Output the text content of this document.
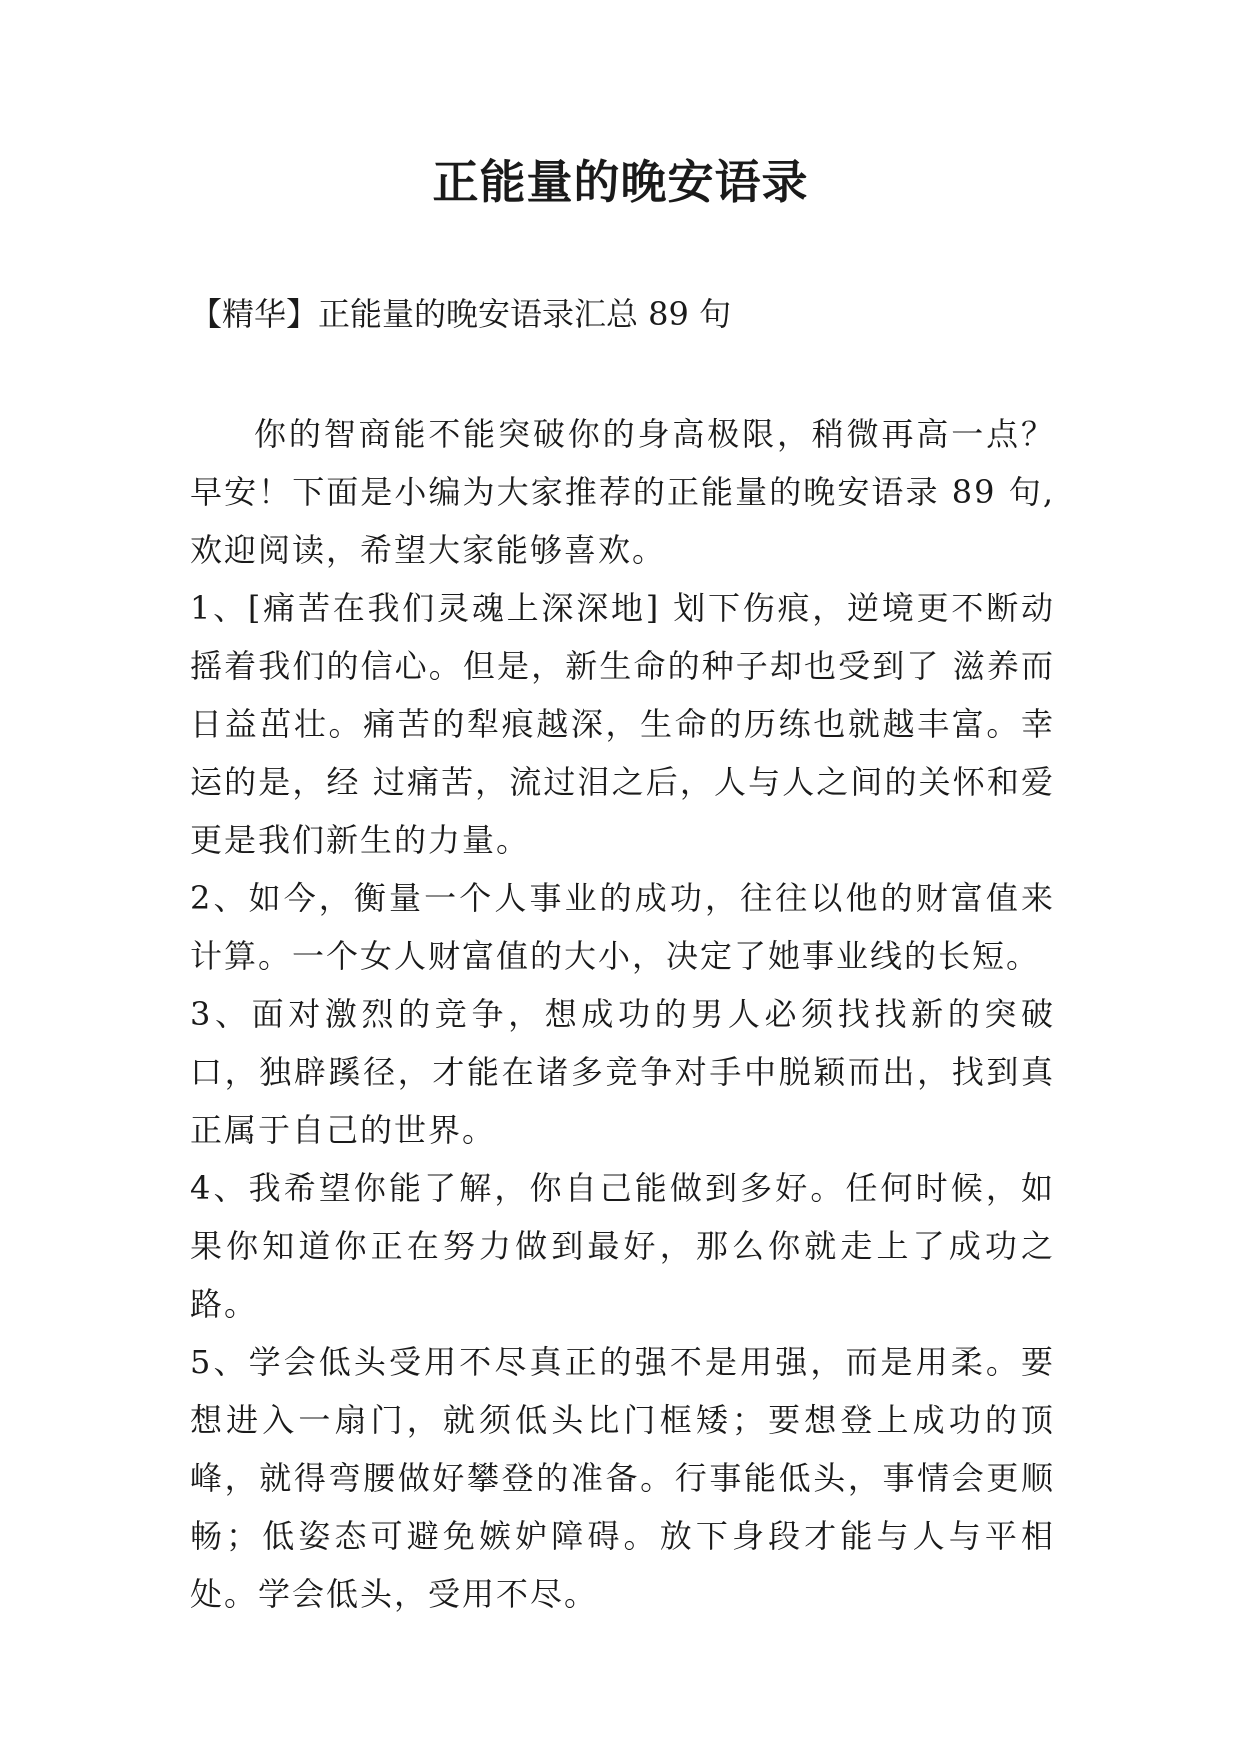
正能量的晚安语录
【精华】正能量的晚安语录汇总 89 句

你的智商能不能突破你的身高极限，稍微再高一点？早安！下面是小编为大家推荐的正能量的晚安语录 89 句,欢迎阅读，希望大家能够喜欢。

1、[痛苦在我们灵魂上深深地] 划下伤痕，逆境更不断动摇着我们的信心。但是，新生命的种子却也受到了 滋养而日益茁壮。痛苦的犁痕越深，生命的历练也就越丰富。幸运的是，经 过痛苦，流过泪之后，人与人之间的关怀和爱更是我们新生的力量。

2、如今，衡量一个人事业的成功，往往以他的财富值来计算。一个女人财富值的大小，决定了她事业线的长短。

3、面对激烈的竞争，想成功的男人必须找找新的突破口，独辟蹊径，才能在诸多竞争对手中脱颖而出，找到真正属于自己的世界。

4、我希望你能了解，你自己能做到多好。任何时候，如果你知道你正在努力做到最好，那么你就走上了成功之路。

5、学会低头受用不尽真正的强不是用强，而是用柔。要想进入一扇门，就须低头比门框矮；要想登上成功的顶峰，就得弯腰做好攀登的准备。行事能低头，事情会更顺畅；低姿态可避免嫉妒障碍。放下身段才能与人与平相处。学会低头，受用不尽。
